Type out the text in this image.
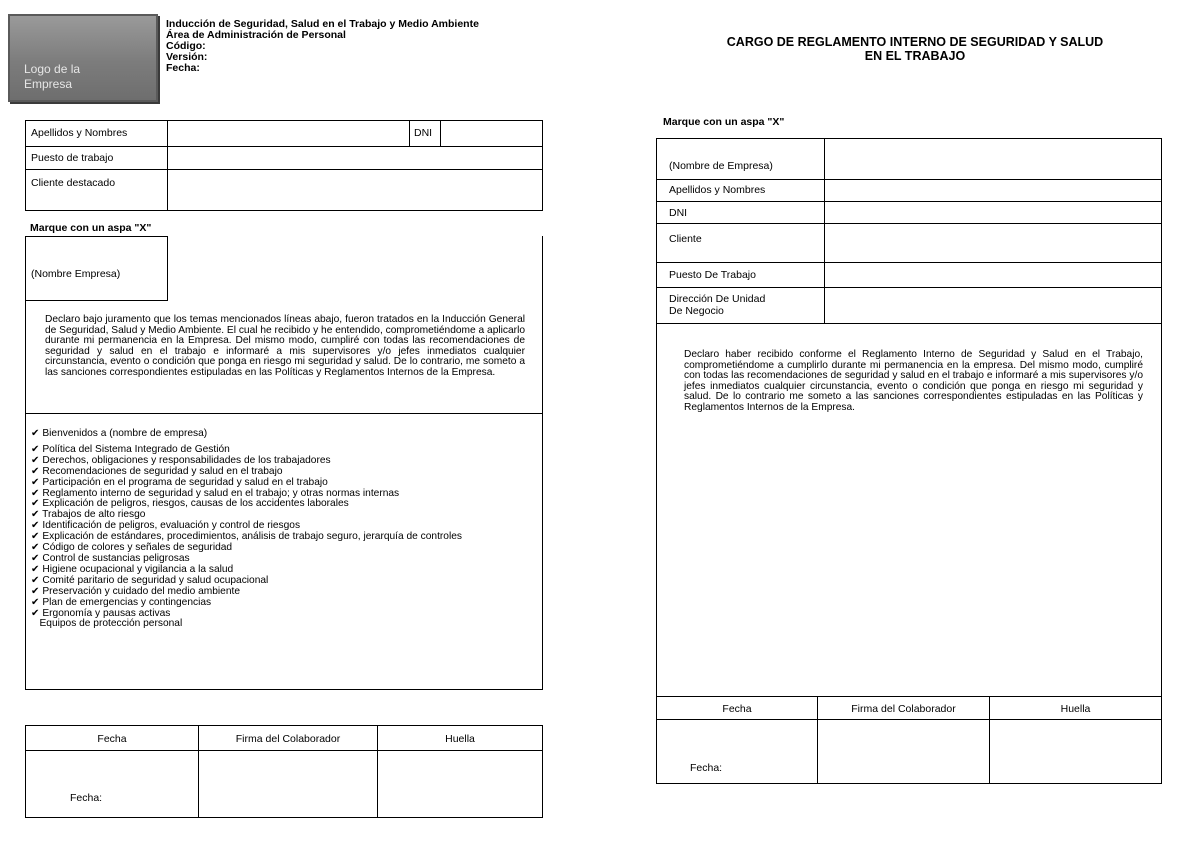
Logo de la Empresa
Inducción de Seguridad, Salud en el Trabajo y Medio Ambiente
Área de Administración de Personal
Código:
Versión:
Fecha:
Apellidos y Nombres	DNI
Puesto de trabajo
Cliente destacado
Marque con un aspa "X"
(Nombre Empresa)
Declaro bajo juramento que los temas mencionados líneas abajo, fueron tratados en la Inducción General de Seguridad, Salud y Medio Ambiente. El cual he recibido y he entendido, comprometiéndome a aplicarlo durante mi permanencia en la Empresa. Del mismo modo, cumpliré con todas las recomendaciones de seguridad y salud en el trabajo e informaré a mis supervisores y/o jefes inmediatos cualquier circunstancia, evento o condición que ponga en riesgo mi seguridad y salud. De lo contrario, me someto a las sanciones correspondientes estipuladas en las Políticas y Reglamentos Internos de la Empresa.
✔ Bienvenidos a (nombre de empresa)
✔ Política del Sistema Integrado de Gestión
✔ Derechos, obligaciones y responsabilidades de los trabajadores
✔ Recomendaciones de seguridad y salud en el trabajo
✔ Participación en el programa de seguridad y salud en el trabajo
✔ Reglamento interno de seguridad y salud en el trabajo; y otras normas internas
✔ Explicación de peligros, riesgos, causas de los accidentes laborales
✔ Trabajos de alto riesgo
✔ Identificación de peligros, evaluación y control de riesgos
✔ Explicación de estándares, procedimientos, análisis de trabajo seguro, jerarquía de controles
✔ Código de colores y señales de seguridad
✔ Control de sustancias peligrosas
✔ Higiene ocupacional y vigilancia a la salud
✔ Comité paritario de seguridad y salud ocupacional
✔ Preservación y cuidado del medio ambiente
✔ Plan de emergencias y contingencias
✔ Ergonomía y pausas activas
Equipos de protección personal
Fecha	Firma del Colaborador	Huella
Fecha:
CARGO DE REGLAMENTO INTERNO DE SEGURIDAD Y SALUD
EN EL TRABAJO
Marque con un aspa "X"
(Nombre de Empresa)
Apellidos y Nombres
DNI
Cliente
Puesto De Trabajo
Dirección De Unidad
De Negocio
Declaro haber recibido conforme el Reglamento Interno de Seguridad y Salud en el Trabajo, comprometiéndome a cumplirlo durante mi permanencia en la empresa. Del mismo modo, cumpliré con todas las recomendaciones de seguridad y salud en el trabajo e informaré a mis supervisores y/o jefes inmediatos cualquier circunstancia, evento o condición que ponga en riesgo mi seguridad y salud. De lo contrario me someto a las sanciones correspondientes estipuladas en las Políticas y Reglamentos Internos de la Empresa.
Fecha	Firma del Colaborador	Huella
Fecha:
